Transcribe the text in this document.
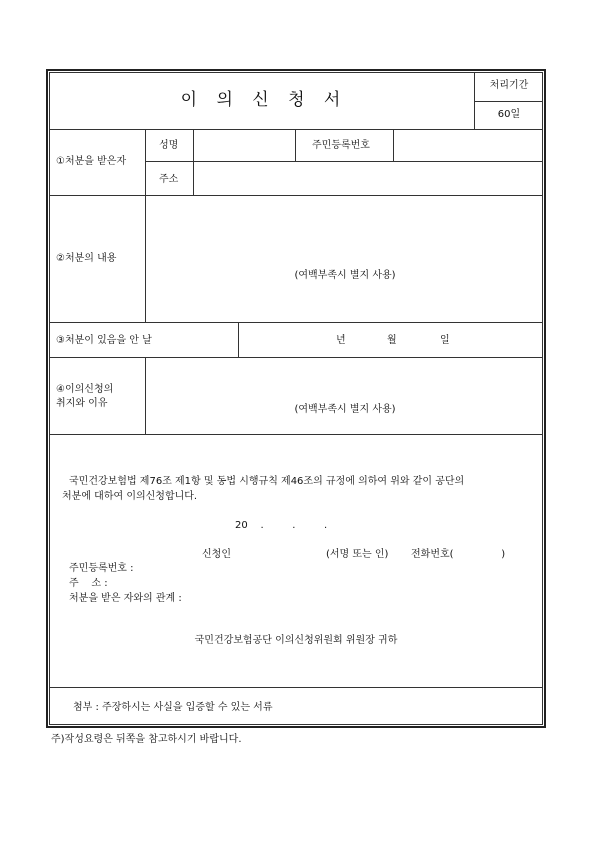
이 의 신 청 서
처리기간
60일
①처분을 받은자
성명	주민등록번호
주소
②처분의 내용
(여백부족시 별지 사용)
③처분이 있음을 안 날	년	월	일
④이의신청의
취지와 이유
(여백부족시 별지 사용)
국민건강보험법 제76조 제1항 및 동법 시행규칙 제46조의 규정에 의하여 위와 같이 공단의
처분에 대하여 이의신청합니다.
20    .         .         .
신청인	(서명 또는 인) 전화번호(               )
주민등록번호 :
주    소 :
처분을 받은 자와의 관계 :
국민건강보험공단 이의신청위원회 위원장 귀하
첨부 : 주장하시는 사실을 입증할 수 있는 서류
주)작성요령은 뒤쪽을 참고하시기 바랍니다.
